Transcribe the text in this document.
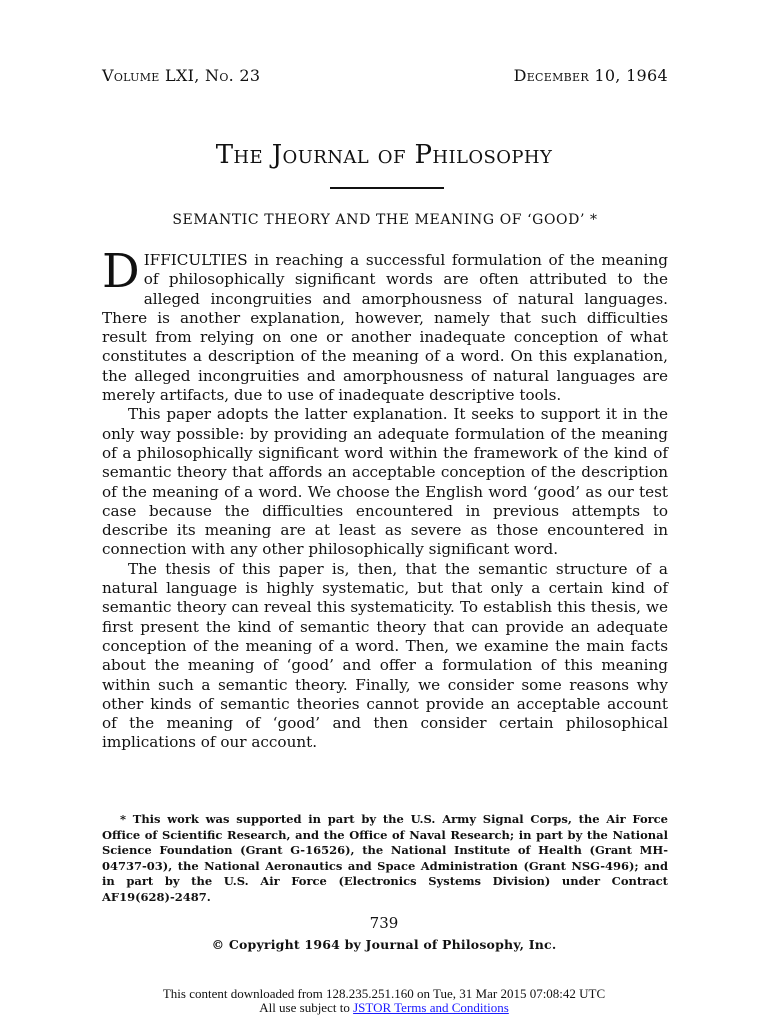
Volume LXI, No. 23	December 10, 1964
The Journal of Philosophy
SEMANTIC THEORY AND THE MEANING OF ‘GOOD’ *

DIFFICULTIES in reaching a successful formulation of the meaning of philosophically significant words are often attributed to the alleged incongruities and amorphousness of natural languages. There is another explanation, however, namely that such difficulties result from relying on one or another inadequate conception of what constitutes a description of the meaning of a word. On this explanation, the alleged incongruities and amorphousness of natural languages are merely artifacts, due to use of inadequate descriptive tools.

This paper adopts the latter explanation. It seeks to support it in the only way possible: by providing an adequate formulation of the meaning of a philosophically significant word within the framework of the kind of semantic theory that affords an acceptable conception of the description of the meaning of a word. We choose the English word ‘good’ as our test case because the difficulties encountered in previous attempts to describe its meaning are at least as severe as those encountered in connection with any other philosophically significant word.

The thesis of this paper is, then, that the semantic structure of a natural language is highly systematic, but that only a certain kind of semantic theory can reveal this systematicity. To establish this thesis, we first present the kind of semantic theory that can provide an adequate conception of the meaning of a word. Then, we examine the main facts about the meaning of ‘good’ and offer a formulation of this meaning within such a semantic theory. Finally, we consider some reasons why other kinds of semantic theories cannot provide an acceptable account of the meaning of ‘good’ and then consider certain philosophical implications of our account.

* This work was supported in part by the U.S. Army Signal Corps, the Air Force Office of Scientific Research, and the Office of Naval Research; in part by the National Science Foundation (Grant G-16526), the National Institute of Health (Grant MH-04737-03), the National Aeronautics and Space Administration (Grant NSG-496); and in part by the U.S. Air Force (Electronics Systems Division) under Contract AF19(628)-2487.
739
© Copyright 1964 by Journal of Philosophy, Inc.
This content downloaded from 128.235.251.160 on Tue, 31 Mar 2015 07:08:42 UTC
All use subject to JSTOR Terms and Conditions
